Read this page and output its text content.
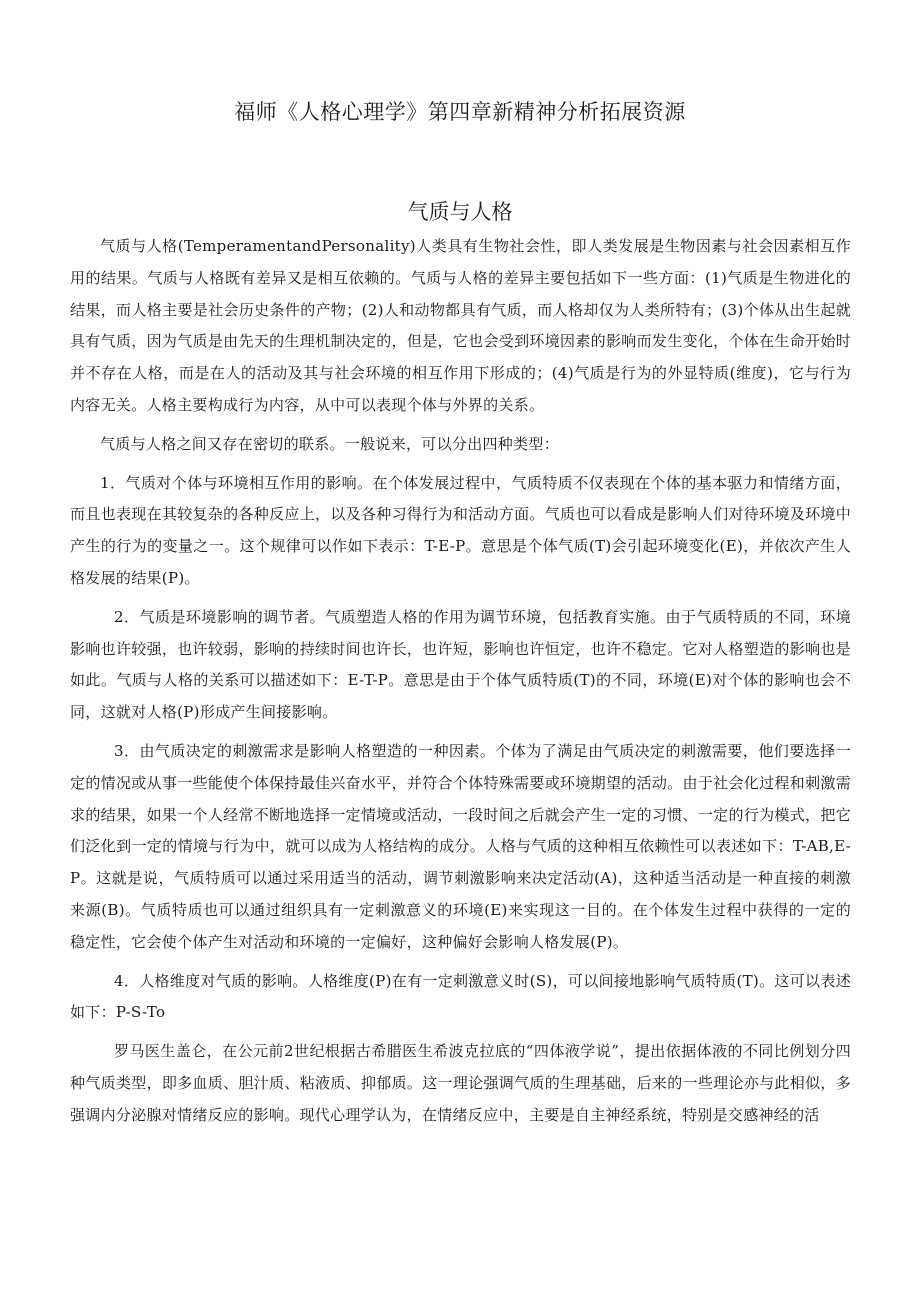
福师《人格心理学》第四章新精神分析拓展资源
气质与人格

气质与人格(TemperamentandPersonality)人类具有生物社会性，即人类发展是生物因素与社会因素相互作用的结果。气质与人格既有差异又是相互依赖的。气质与人格的差异主要包括如下一些方面：(1)气质是生物进化的结果，而人格主要是社会历史条件的产物；(2)人和动物都具有气质，而人格却仅为人类所特有；(3)个体从出生起就具有气质，因为气质是由先天的生理机制决定的，但是，它也会受到环境因素的影响而发生变化，个体在生命开始时并不存在人格，而是在人的活动及其与社会环境的相互作用下形成的；(4)气质是行为的外显特质(维度)，它与行为内容无关。人格主要构成行为内容，从中可以表现个体与外界的关系。

气质与人格之间又存在密切的联系。一般说来，可以分出四种类型：

1．气质对个体与环境相互作用的影响。在个体发展过程中，气质特质不仅表现在个体的基本驱力和情绪方面，而且也表现在其较复杂的各种反应上，以及各种习得行为和活动方面。气质也可以看成是影响人们对待环境及环境中产生的行为的变量之一。这个规律可以作如下表示：T-E-P。意思是个体气质(T)会引起环境变化(E)，并依次产生人格发展的结果(P)。

2．气质是环境影响的调节者。气质塑造人格的作用为调节环境，包括教育实施。由于气质特质的不同，环境影响也许较强，也许较弱，影响的持续时间也许长，也许短，影响也许恒定，也许不稳定。它对人格塑造的影响也是如此。气质与人格的关系可以描述如下：E-T-P。意思是由于个体气质特质(T)的不同，环境(E)对个体的影响也会不同，这就对人格(P)形成产生间接影响。

3．由气质决定的刺激需求是影响人格塑造的一种因素。个体为了满足由气质决定的刺激需要，他们要选择一定的情况或从事一些能使个体保持最佳兴奋水平，并符合个体特殊需要或环境期望的活动。由于社会化过程和刺激需求的结果，如果一个人经常不断地选择一定情境或活动，一段时间之后就会产生一定的习惯、一定的行为模式，把它们泛化到一定的情境与行为中，就可以成为人格结构的成分。人格与气质的这种相互依赖性可以表述如下：T-AB,E-P。这就是说，气质特质可以通过采用适当的活动，调节刺激影响来决定活动(A)，这种适当活动是一种直接的刺激来源(B)。气质特质也可以通过组织具有一定刺激意义的环境(E)来实现这一目的。在个体发生过程中获得的一定的稳定性，它会使个体产生对活动和环境的一定偏好，这种偏好会影响人格发展(P)。

4．人格维度对气质的影响。人格维度(P)在有一定刺激意义时(S)，可以间接地影响气质特质(T)。这可以表述如下：P-S-To

罗马医生盖仑，在公元前2世纪根据古希腊医生希波克拉底的“四体液学说”，提出依据体液的不同比例划分四种气质类型，即多血质、胆汁质、粘液质、抑郁质。这一理论强调气质的生理基础，后来的一些理论亦与此相似，多强调内分泌腺对情绪反应的影响。现代心理学认为，在情绪反应中，主要是自主神经系统，特别是交感神经的活
